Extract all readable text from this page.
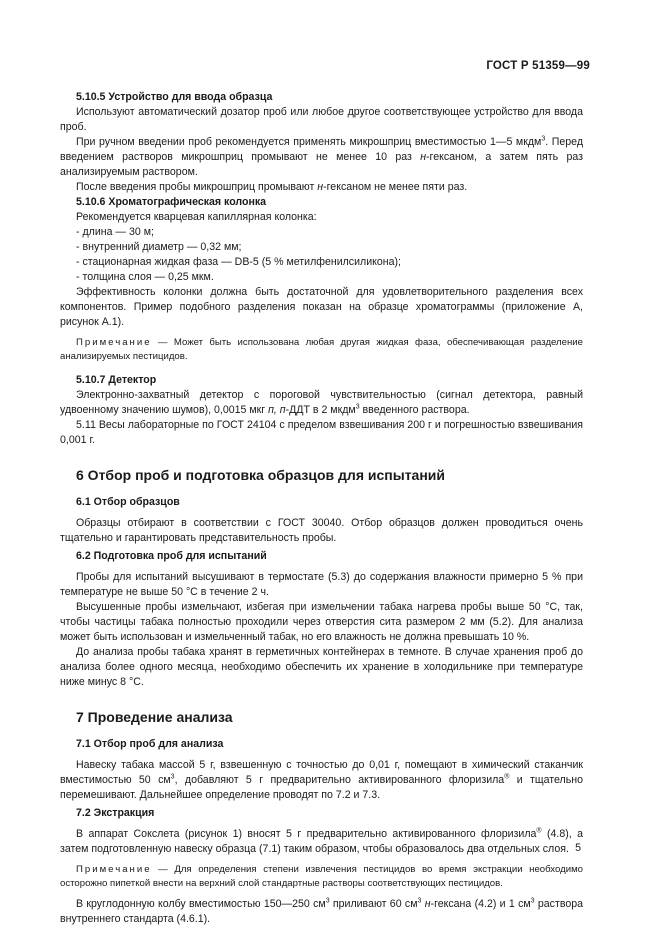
ГОСТ Р 51359—99

5.10.5 Устройство для ввода образца

Используют автоматический дозатор проб или любое другое соответствующее устройство для ввода проб.

При ручном введении проб рекомендуется применять микрошприц вместимостью 1—5 мкдм$^3$. Перед введением растворов микрошприц промывают не менее 10 раз н-гексаном, а затем пять раз анализируемым раствором.

После введения пробы микрошприц промывают н-гексаном не менее пяти раз.

5.10.6 Хроматографическая колонка

Рекомендуется кварцевая капиллярная колонка:

- длина — 30 м;

- внутренний диаметр — 0,32 мм;

- стационарная жидкая фаза — DB-5 (5 % метилфенилсиликона);

- толщина слоя — 0,25 мкм.

Эффективность колонки должна быть достаточной для удовлетворительного разделения всех компонентов. Пример подобного разделения показан на образце хроматограммы (приложение А, рисунок А.1).

Примечание — Может быть использована любая другая жидкая фаза, обеспечивающая разделение анализируемых пестицидов.

5.10.7 Детектор

Электронно-захватный детектор с пороговой чувствительностью (сигнал детектора, равный удвоенному значению шумов), 0,0015 мкг п, п-ДДТ в 2 мкдм$^3$ введенного раствора.

5.11 Весы лабораторные по ГОСТ 24104 с пределом взвешивания 200 г и погрешностью взвешивания 0,001 г.

6 Отбор проб и подготовка образцов для испытаний

6.1 Отбор образцов

Образцы отбирают в соответствии с ГОСТ 30040. Отбор образцов должен проводиться очень тщательно и гарантировать представительность пробы.

6.2 Подготовка проб для испытаний

Пробы для испытаний высушивают в термостате (5.3) до содержания влажности примерно 5 % при температуре не выше 50 °С в течение 2 ч.

Высушенные пробы измельчают, избегая при измельчении табака нагрева пробы выше 50 °С, так, чтобы частицы табака полностью проходили через отверстия сита размером 2 мм (5.2). Для анализа может быть использован и измельченный табак, но его влажность не должна превышать 10 %.

До анализа пробы табака хранят в герметичных контейнерах в темноте. В случае хранения проб до анализа более одного месяца, необходимо обеспечить их хранение в холодильнике при температуре ниже минус 8 °С.

7 Проведение анализа

7.1 Отбор проб для анализа

Навеску табака массой 5 г, взвешенную с точностью до 0,01 г, помещают в химический стаканчик вместимостью 50 $см^3$, добавляют 5 г предварительно активированного флоризила® и тщательно перемешивают. Дальнейшее определение проводят по 7.2 и 7.3.

7.2 Экстракция

В аппарат Сокслета (рисунок 1) вносят 5 г предварительно активированного флоризила® (4.8), а затем подготовленную навеску образца (7.1) таким образом, чтобы образовалось два отдельных слоя.

Примечание — Для определения степени извлечения пестицидов во время экстракции необходимо осторожно пипеткой внести на верхний слой стандартные растворы соответствующих пестицидов.

В круглодонную колбу вместимостью 150—250 $см^3$ приливают 60 $см^3$ н-гексана (4.2) и 1 $см^3$ раствора внутреннего стандарта (4.6.1).

5
